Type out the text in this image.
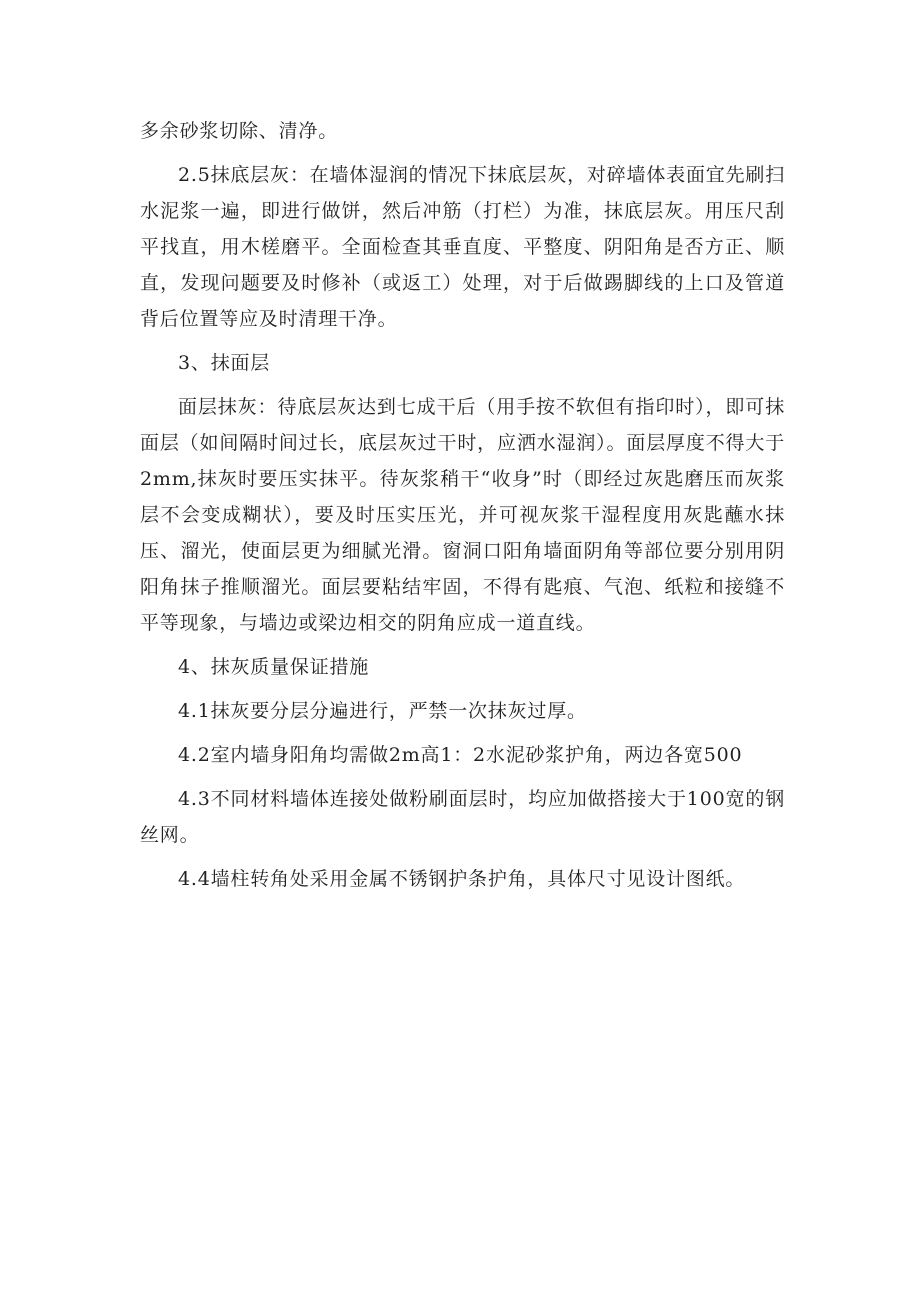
多余砂浆切除、清净。

2.5抹底层灰：在墙体湿润的情况下抹底层灰，对碎墙体表面宜先刷扫水泥浆一遍，即进行做饼，然后冲筋（打栏）为准，抹底层灰。用压尺刮平找直，用木槎磨平。全面检查其垂直度、平整度、阴阳角是否方正、顺直，发现问题要及时修补（或返工）处理，对于后做踢脚线的上口及管道背后位置等应及时清理干净。

3、抹面层

面层抹灰：待底层灰达到七成干后（用手按不软但有指印时），即可抹面层（如间隔时间过长，底层灰过干时，应洒水湿润）。面层厚度不得大于2mm,抹灰时要压实抹平。待灰浆稍干“收身”时（即经过灰匙磨压而灰浆层不会变成糊状），要及时压实压光，并可视灰浆干湿程度用灰匙蘸水抹压、溜光，使面层更为细腻光滑。窗洞口阳角墙面阴角等部位要分别用阴阳角抹子推顺溜光。面层要粘结牢固，不得有匙痕、气泡、纸粒和接缝不平等现象，与墙边或梁边相交的阴角应成一道直线。

4、抹灰质量保证措施

4.1抹灰要分层分遍进行，严禁一次抹灰过厚。

4.2室内墙身阳角均需做2m高1：2水泥砂浆护角，两边各宽500

4.3不同材料墙体连接处做粉刷面层时，均应加做搭接大于100宽的钢丝网。

4.4墙柱转角处采用金属不锈钢护条护角，具体尺寸见设计图纸。
